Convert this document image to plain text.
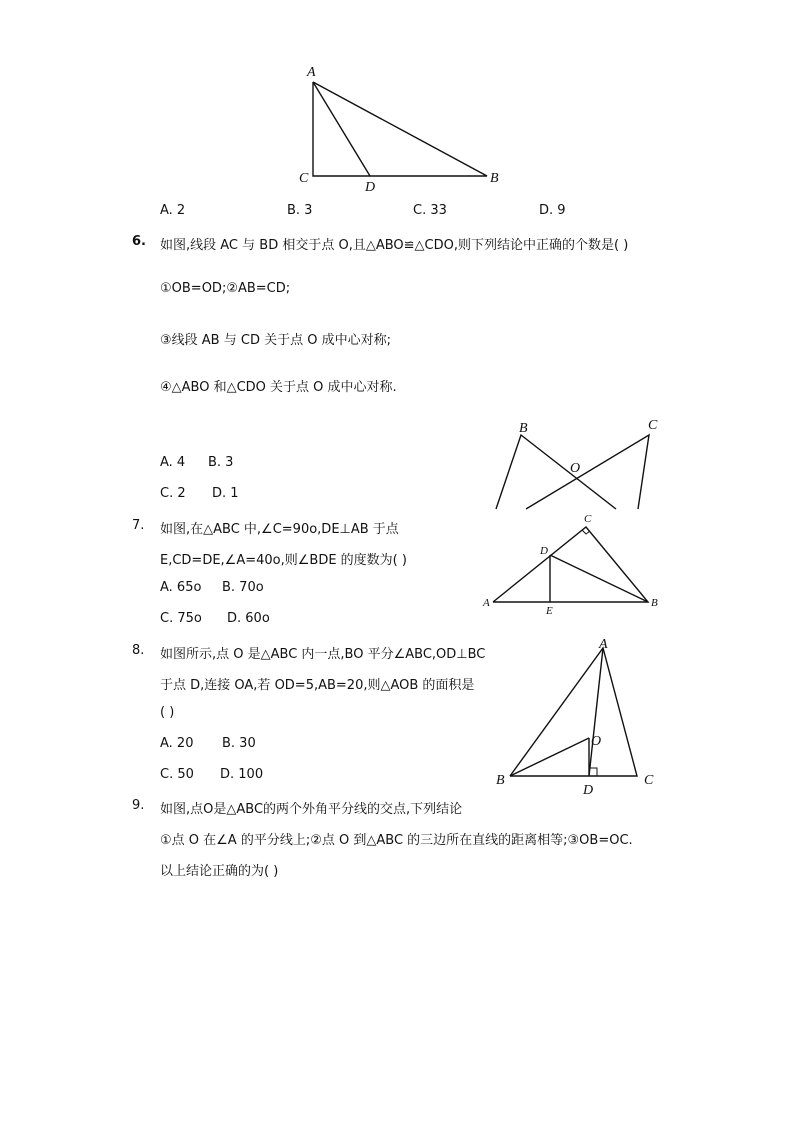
A
C
D
B
A. 2	B. 3	C. 33	D. 9
6. 如图,线段 AC 与 BD 相交于点 O,且△ABO≌△CDO,则下列结论中正确的个数是( )
①OB=OD;②AB=CD;
③线段 AB 与 CD 关于点 O 成中心对称;
④△ABO 和△CDO 关于点 O 成中心对称.
A. 4 B. 3
C. 2 D. 1
B	C
O
7. 如图,在△ABC 中,∠C=90o,DE⊥AB 于点
E,CD=DE,∠A=40o,则∠BDE 的度数为( )
A. 65o B. 70o
C. 75o D. 60o
A
C
D
E
B
8. 如图所示,点 O 是△ABC 内一点,BO 平分∠ABC,OD⊥BC
于点 D,连接 OA,若 OD=5,AB=20,则△AOB 的面积是
( )
A. 20 B. 30
C. 50 D. 100
A
B	C
D
O
9. 如图,点O是△ABC的两个外角平分线的交点,下列结论
①点 O 在∠A 的平分线上;②点 O 到△ABC 的三边所在直线的距离相等;③OB=OC.
以上结论正确的为( )
